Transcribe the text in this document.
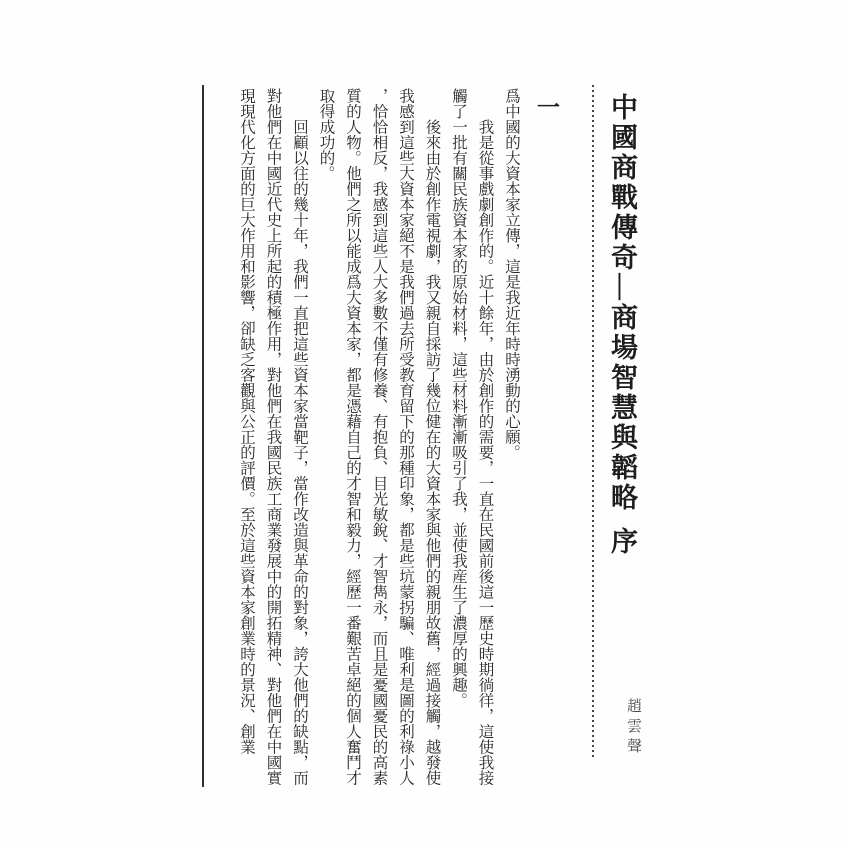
中國商戰傳奇—商場智慧與韜略序
趙雲聲
一

爲中國的大資本家立傳，這是我近年時時湧動的心願。

我是從事戲劇創作的。近十餘年，由於創作的需要，一直在民國前後這一歷史時期徜徉，這使我接觸了一批有關民族資本家的原始材料，這些材料漸漸吸引了我，並使我産生了濃厚的興趣。

後來由於創作電視劇，我又親自採訪了幾位健在的大資本家與他們的親朋故舊，經過接觸，越發使我感到這些大資本家絕不是我們過去所受教育留下的那種印象，都是些坑蒙拐騙、唯利是圖的利祿小人，恰恰相反，我感到這些人大多數不僅有修養、有抱負、目光敏銳、才智雋永，而且是憂國憂民的高素質的人物。他們之所以能成爲大資本家，都是憑藉自己的才智和毅力，經歷一番艱苦卓絕的個人奮鬥才取得成功的。

回顧以往的幾十年，我們一直把這些資本家當靶子，當作改造與革命的對象，誇大他們的缺點，而對他們在中國近代史上所起的積極作用，對他們在我國民族工商業發展中的開拓精神、對他們在中國實現現代化方面的巨大作用和影響，卻缺乏客觀與公正的評價。至於這些資本家創業時的景況、創業
